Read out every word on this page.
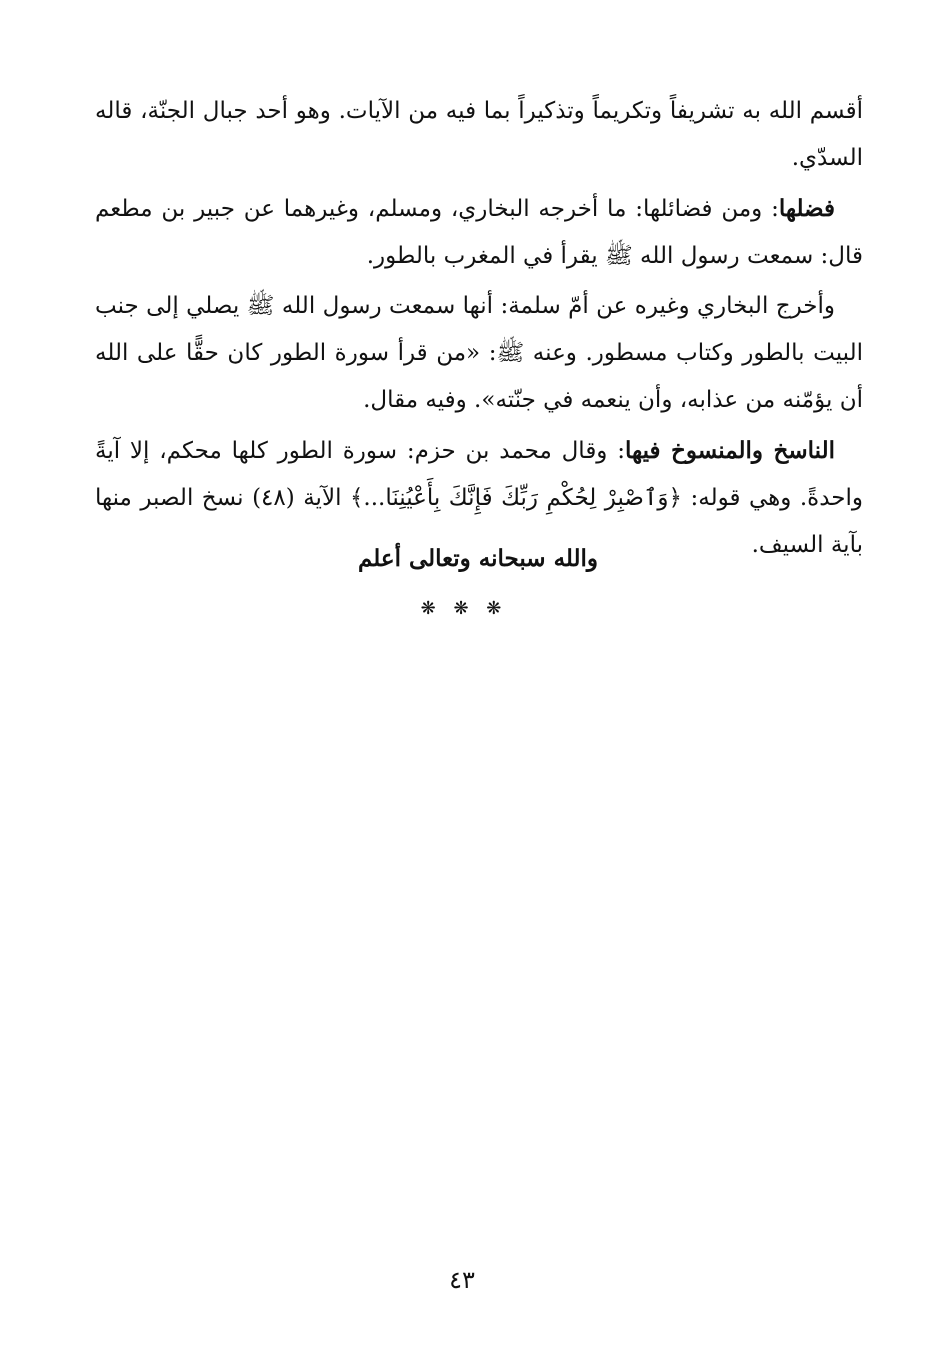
أقسم الله به تشريفاً وتكريماً وتذكيراً بما فيه من الآيات. وهو أحد جبال الجنّة، قاله السدّي.

فضلها: ومن فضائلها: ما أخرجه البخاري، ومسلم، وغيرهما عن جبير بن مطعم قال: سمعت رسول الله ﷺ يقرأ في المغرب بالطور.

وأخرج البخاري وغيره عن أمّ سلمة: أنها سمعت رسول الله ﷺ يصلي إلى جنب البيت بالطور وكتاب مسطور. وعنه ﷺ: «من قرأ سورة الطور كان حقًّا على الله أن يؤمّنه من عذابه، وأن ينعمه في جنّته». وفيه مقال.

الناسخ والمنسوخ فيها: وقال محمد بن حزم: سورة الطور كلها محكم، إلا آيةً واحدةً. وهي قوله: ﴿وَٱصْبِرْ لِحُكْمِ رَبِّكَ فَإِنَّكَ بِأَعْيُنِنَا...﴾ الآية (٤٨) نسخ الصبر منها بآية السيف.

والله سبحانه وتعالى أعلم
❋ ❋ ❋
٤٣
